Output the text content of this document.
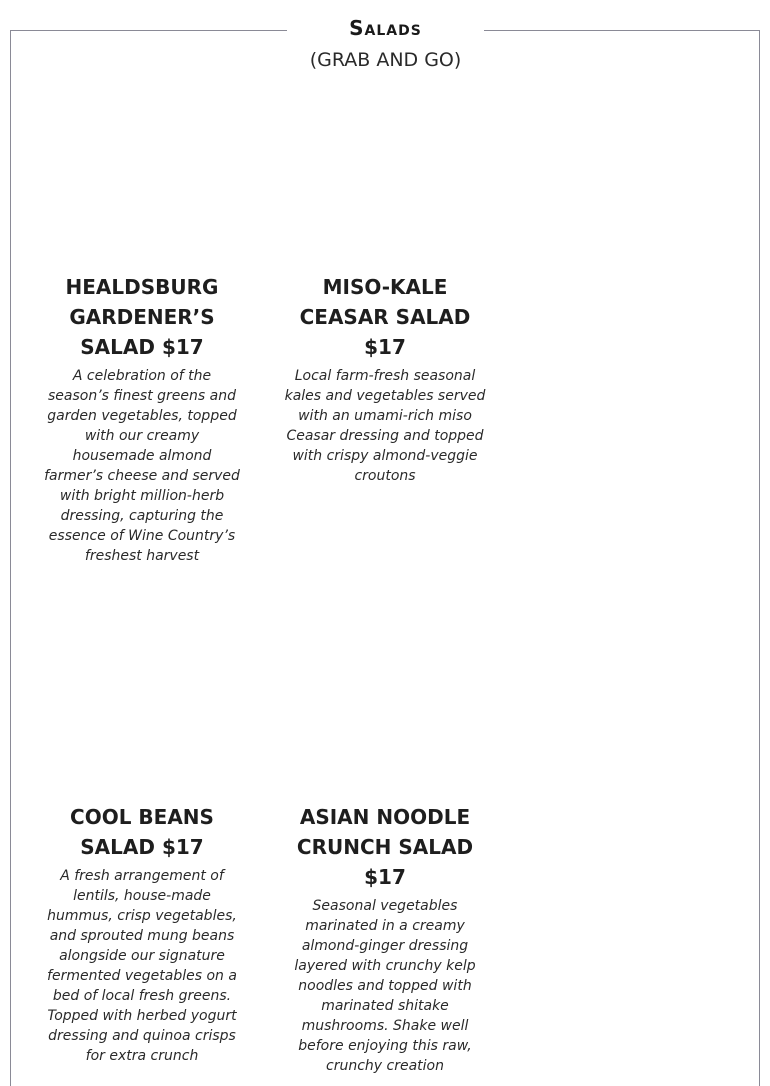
Salads
(GRAB AND GO)

HEALDSBURG GARDENER’S SALAD $17

A celebration of the season’s finest greens and garden vegetables, topped with our creamy housemade almond farmer’s cheese and served with bright million-herb dressing, capturing the essence of Wine Country’s freshest harvest

MISO-KALE CEASAR SALAD $17

Local farm-fresh seasonal kales and vegetables served with an umami-rich miso Ceasar dressing and topped with crispy almond-veggie croutons

COOL BEANS SALAD $17

A fresh arrangement of lentils, house-made hummus, crisp vegetables, and sprouted mung beans alongside our signature fermented vegetables on a bed of local fresh greens. Topped with herbed yogurt dressing and quinoa crisps for extra crunch

ASIAN NOODLE CRUNCH SALAD $17

Seasonal vegetables marinated in a creamy almond-ginger dressing layered with crunchy kelp noodles and topped with marinated shitake mushrooms. Shake well before enjoying this raw, crunchy creation
